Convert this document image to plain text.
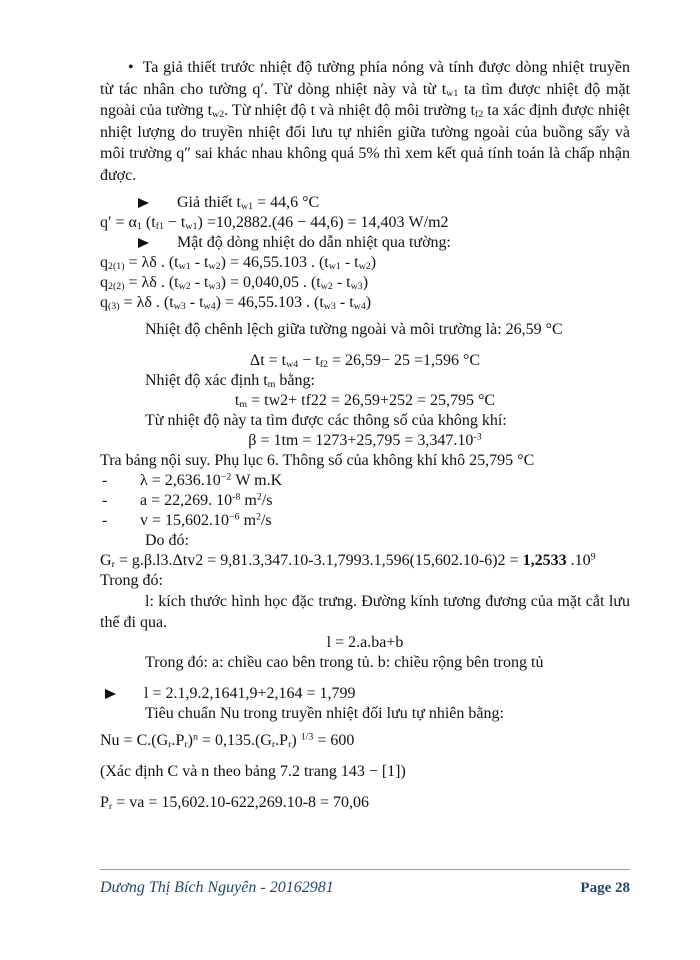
• Ta giả thiết trước nhiệt độ tường phía nóng và tính được dòng nhiệt truyền từ tác nhân cho tường q′. Từ dòng nhiệt này và từ $t_{w1}$ ta tìm được nhiệt độ mặt ngoài của tường $t_{w2}$. Từ nhiệt độ t và nhiệt độ môi trường $t_{f2}$ ta xác định được nhiệt nhiệt lượng do truyền nhiệt đối lưu tự nhiên giữa tường ngoài của buồng sấy và môi trường q″ sai khác nhau không quá 5% thì xem kết quả tính toán là chấp nhận được.
Giả thiết $t_{w1} = 44,6$ °C
$q' = \alpha_1$ $(t_{f1} - t_{w1}) =10,2882.(46 - 44,6) = 14,403$ W/m2
Mật độ dòng nhiệt do dẫn nhiệt qua tường:
$q_{2(1)} = \lambda\delta$ . $(t_{w1} - t_{w2}) = 46,55.103$ . $(t_{w1} - t_{w2})$
$q_{2(2)} = \lambda\delta$ . $(t_{w2} - t_{w3}) = 0,040,05$ . $(t_{w2} - t_{w3})$
$q_{(3)} = \lambda\delta$ . $(t_{w3} - t_{w4}) = 46,55.103$ . $(t_{w3} - t_{w4})$
Nhiệt độ chênh lệch giữa tường ngoài và môi trường là: 26,59 °C
$\Delta t = t_{w4} - t_{f2} = 26,59- 25 =1,596$ °C
Nhiệt độ xác định $t_m$ bằng:
$t_m = tw2+ tf22 = 26,59+252 = 25,795$ °C
Từ nhiệt độ này ta tìm được các thông số của không khí:
$\beta = 1tm = 1273+25,795 = 3,347.10^{-3}$
Tra bảng nội suy. Phụ lục 6. Thông số của không khí khô 25,795 °C
- $\lambda = 2,636.10^{-2}$ W m.K
- a = 22,269. $10^{-8}$ $m^2/s$
- $v = 15,602.10^{-6}$ $m^2/s$
Do đó:
$G_r = g.\beta.l3.\Delta tv2 = 9,81.3,347.10-3.1,7993.1,596(15,602.10-6)2 = 1,2533$ $.10^9$
Trong đó:
l: kích thước hình học đặc trưng. Đường kính tương đương của mặt cắt lưu thể đi qua.
l = 2.a.ba+b
Trong đó: a: chiều cao bên trong tủ. b: chiều rộng bên trong tủ
l = 2.1,9.2,1641,9+2,164 = 1,799
Tiêu chuẩn Nu trong truyền nhiệt đối lưu tự nhiên bằng:
$Nu = C.(G_r.P_r)^n = 0,135.(G_r.P_r) ^{1/3} = 600$
(Xác định C và n theo bảng 7.2 trang 143 − [1])
$P_r$ = va = 15,602.10-622,269.10-8 = 70,06
Dương Thị Bích Nguyên - 20162981	Page 28
